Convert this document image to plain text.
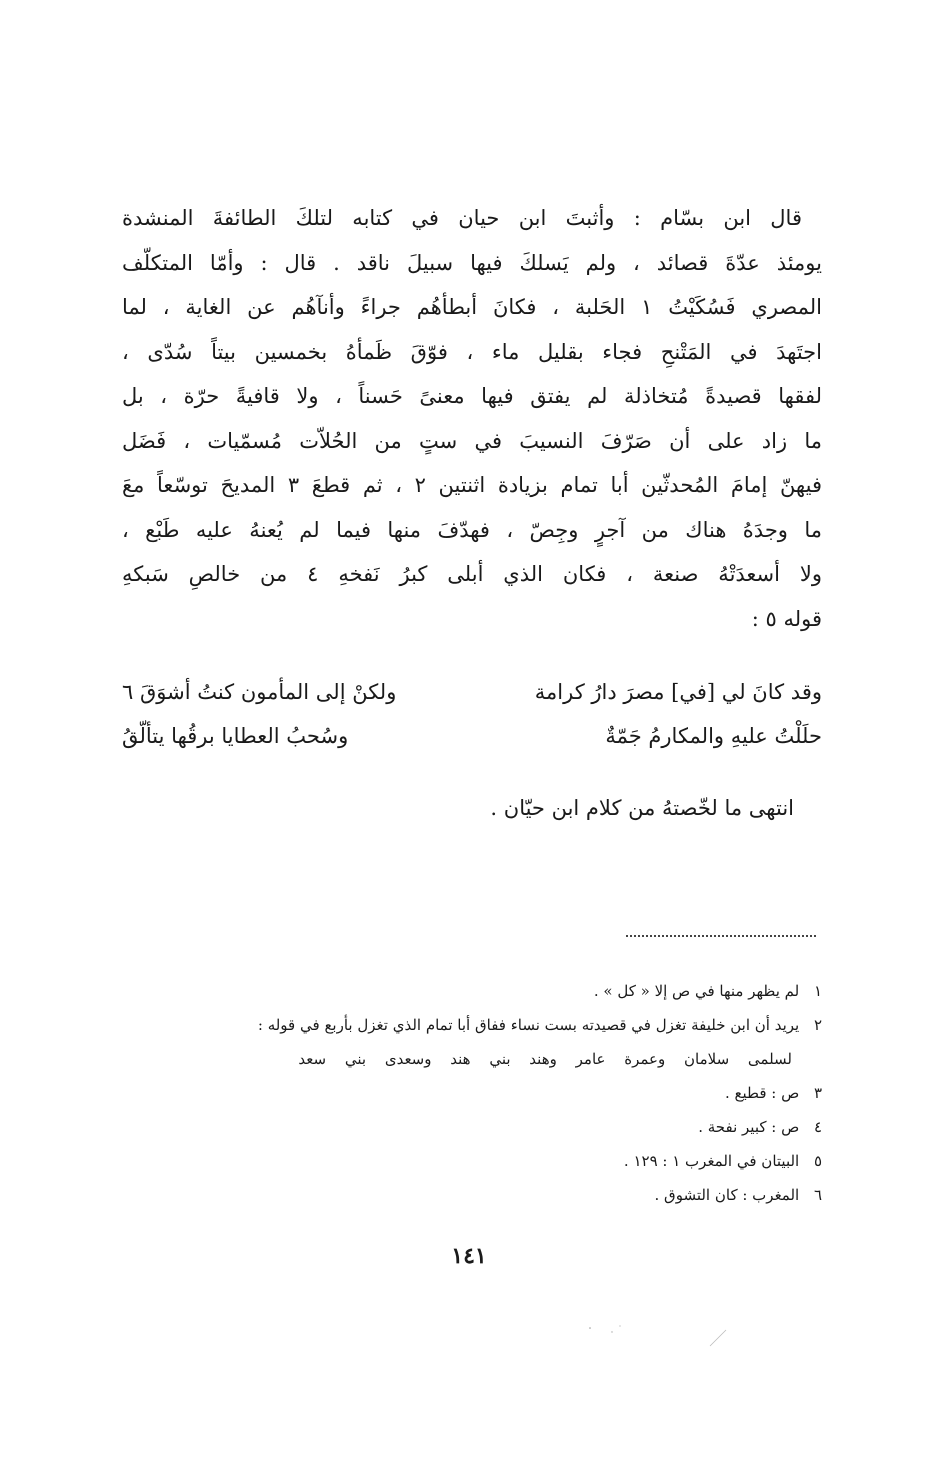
قال ابن بسّام : وأثبتَ ابن حيان في كتابه لتلكَ الطائفةَ المنشدة
يومئذ عدّةَ قصائد ، ولم يَسلكَ فيها سبيلَ ناقد . قال : وأمّا المتكلّف
المصري فَسُكَيْتُ ١ الحَلبة ، فكانَ أبطأهُم جراءً وأنآهُم عن الغاية ، لما
اجتَهدَ في المَتْنحِ فجاء بقليل ماء ، فوّقَ ظَمأهُ بخمسين بيتاً سُدّى ،
لفقها قصيدةً مُتخاذلة لم يفتق فيها معنىً حَسناً ، ولا قافيةً حرّة ، بل
ما زاد على أن صَرّفَ النسيبَ في ستٍ من الحُلاّت مُسمّيات ، فَضَل
فيهنّ إمامَ المُحدثّين أبا تمام بزيادة اثنتين ٢ ، ثم قطعَ ٣ المديحَ توسّعاً معَ
ما وجدَهُ هناك من آجرٍ وجِصّ ، فهدّفَ منها فيما لم يُعنهُ عليه طَبْع ،
ولا أسعدَتْهُ صنعة ، فكان الذي أبلى كبرُ نَفخهِ ٤ من خالصِ سَبكهِ
قوله ٥ :
وقد كانَ لي [في] مصرَ دارُ كرامة
ولكنْ إلى المأمون كنتُ أشوَقَ ٦
حلَلْتُ عليهِ والمكارمُ جَمّةٌ
وسُحبُ العطايا برقُها يتألّقُ
انتهى ما لخّصتهُ من كلام ابن حيّان .
١ لم يظهر منها في ص إلا « كل » .
٢ يريد أن ابن خليفة تغزل في قصيدته بست نساء ففاق أبا تمام الذي تغزل بأربع في قوله :
لسلمى سلامان وعمرة عامر وهند بني هند وسعدى بني سعد
٣ ص : قطيع .
٤ ص : كبير نفحة .
٥ البيتان في المغرب ١ : ١٢٩ .
٦ المغرب : كان التشوق .
١٤١
